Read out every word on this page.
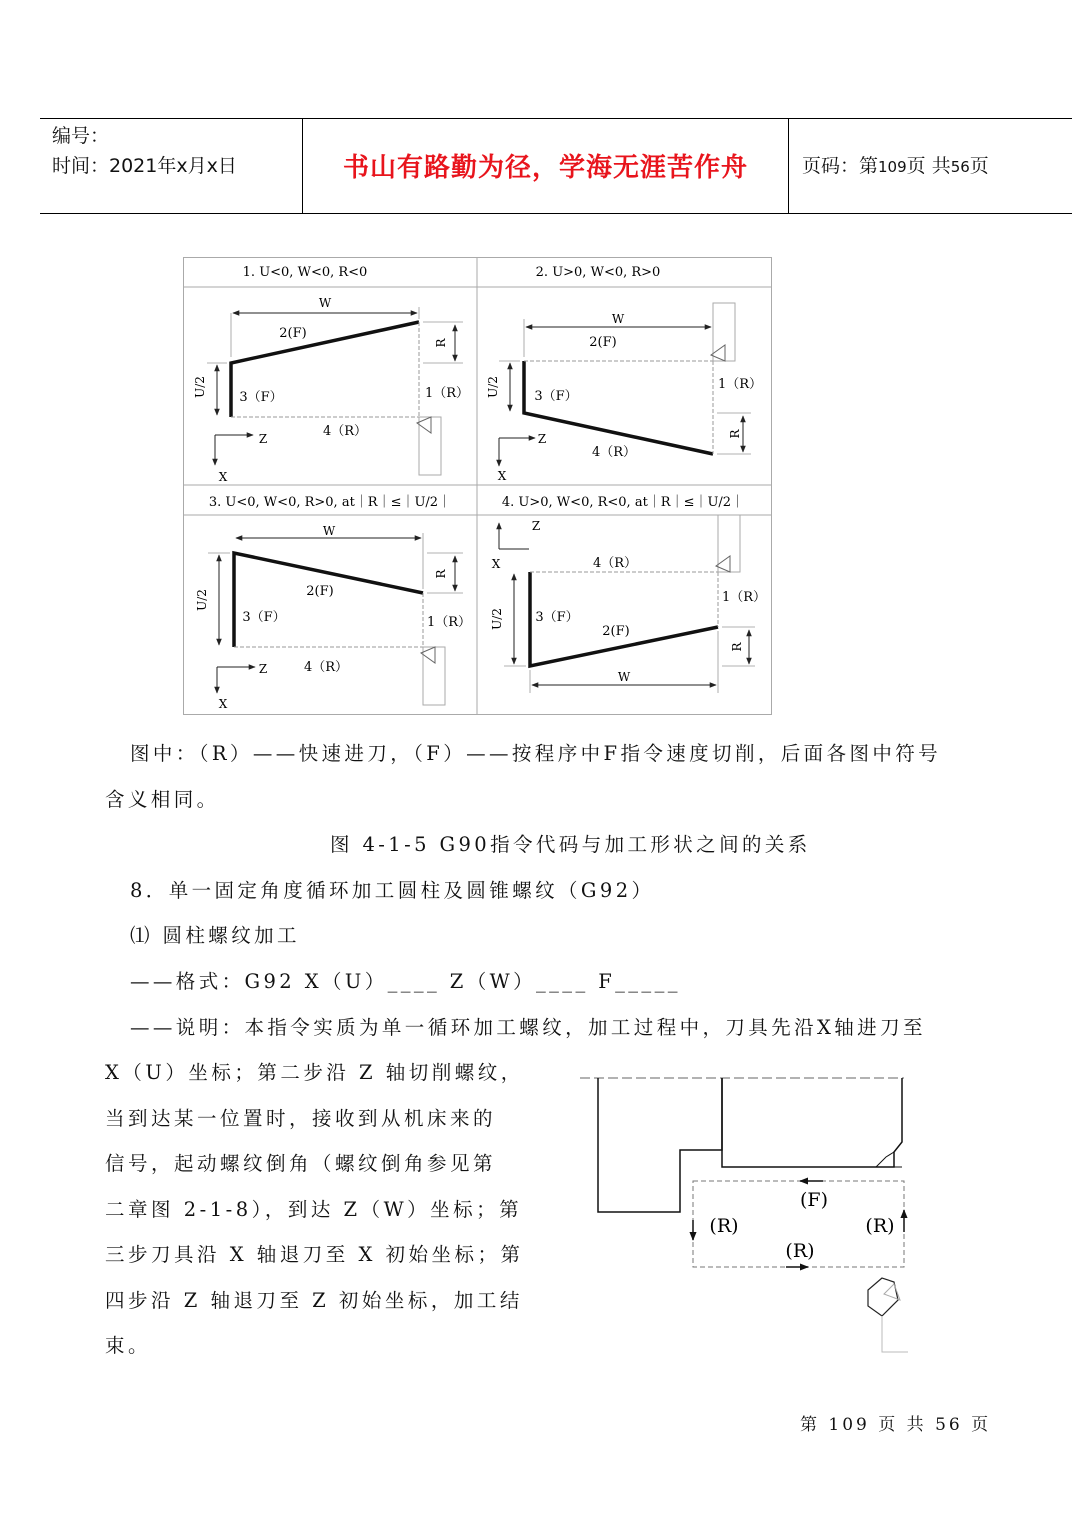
编号：
时间：2021年x月x日	书山有路勤为径，学海无涯苦作舟	页码：第109页 共56页
1. U<0, W<0, R<0	2. U>0, W<0, R>0
3. U<0, W<0, R>0, at｜R｜≤｜U/2｜	4. U>0, W<0, R<0, at｜R｜≤｜U/2｜
W
2(F)
R
U/2 3（F）	1（R）
4（R）
Z
X
W
2(F)
R
U/2	3（F）
1（R）
4（R）
Z
X
W
2(F)
R
U/2
3（F）	1（R）
4（R）
Z
X
Z
X	4（R）
1（R）
3（F）
U/2
2(F)
R
W
图中：（R）——快速进刀，（F）——按程序中F指令速度切削，后面各图中符号
含义相同。
图 4-1-5 G90指令代码与加工形状之间的关系
8．单一固定角度循环加工圆柱及圆锥螺纹（G92）
⑴ 圆柱螺纹加工
——格式：G92 X（U）____ Z（W）____ F_____
——说明：本指令实质为单一循环加工螺纹，加工过程中，刀具先沿X轴进刀至
X（U）坐标；第二步沿 Z 轴切削螺纹，
当到达某一位置时，接收到从机床来的
信号，起动螺纹倒角（螺纹倒角参见第
二章图 2-1-8），到达 Z（W）坐标；第
三步刀具沿 X 轴退刀至 X 初始坐标；第
四步沿 Z 轴退刀至 Z 初始坐标，加工结
束。
(F)
(R)	(R)
(R)
第 109 页 共 56 页
